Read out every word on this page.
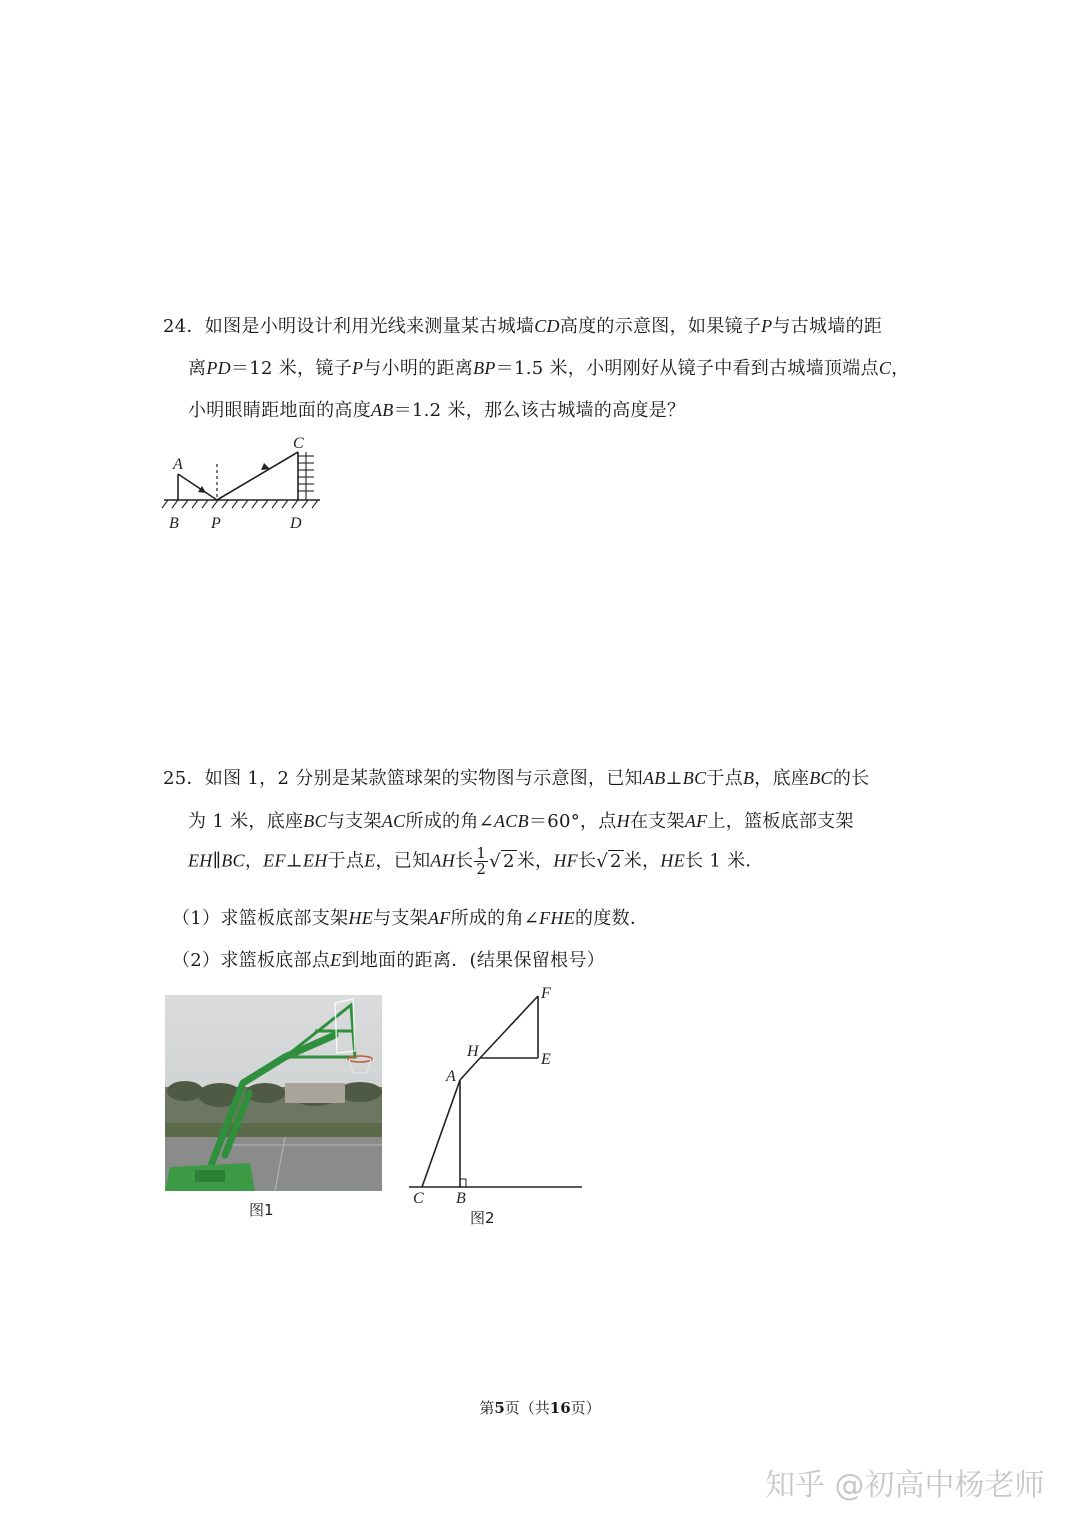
24．如图是小明设计利用光线来测量某古城墙CD高度的示意图，如果镜子P与古城墙的距
离PD＝12 米，镜子P与小明的距离BP＝1.5 米，小明刚好从镜子中看到古城墙顶端点C，
小明眼睛距地面的高度AB＝1.2 米，那么该古城墙的高度是？
A
B P
C
D
25．如图 1，2 分别是某款篮球架的实物图与示意图，已知AB⊥BC于点B，底座BC的长
为 1 米，底座BC与支架AC所成的角∠ACB＝60°，点H在支架AF上，篮板底部支架
EH∥BC，EF⊥EH于点E，已知AH长 $\frac{1}{2}$ √ 2 米，HF长√ 2 米，HE长 1 米．
（1）求篮板底部支架HE与支架AF所成的角∠FHE的度数．
（2）求篮板底部点E到地面的距离．(结果保留根号）
图1
F
H	E
A
C B
图2
第5页（共16页）
知乎 @初高中杨老师
